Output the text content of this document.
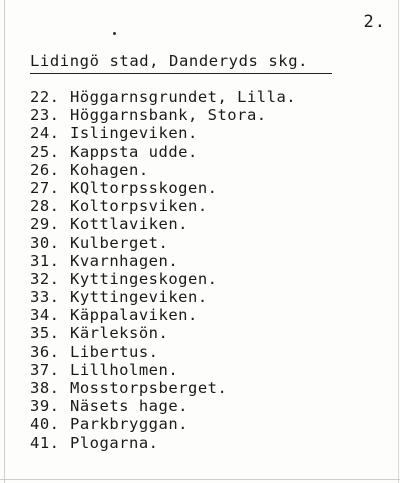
2.
Lidingö stad, Danderyds skg.
22. Höggarnsgrundet, Lilla.
23. Höggarnsbank, Stora.
24. Islingeviken.
25. Kappsta udde.
26. Kohagen.
27. KQltorpsskogen.
28. Koltorpsviken.
29. Kottlaviken.
30. Kulberget.
31. Kvarnhagen.
32. Kyttingeskogen.
33. Kyttingeviken.
34. Käppalaviken.
35. Kärleksön.
36. Libertus.
37. Lillholmen.
38. Mosstorpsberget.
39. Näsets hage.
40. Parkbryggan.
41. Plogarna.
